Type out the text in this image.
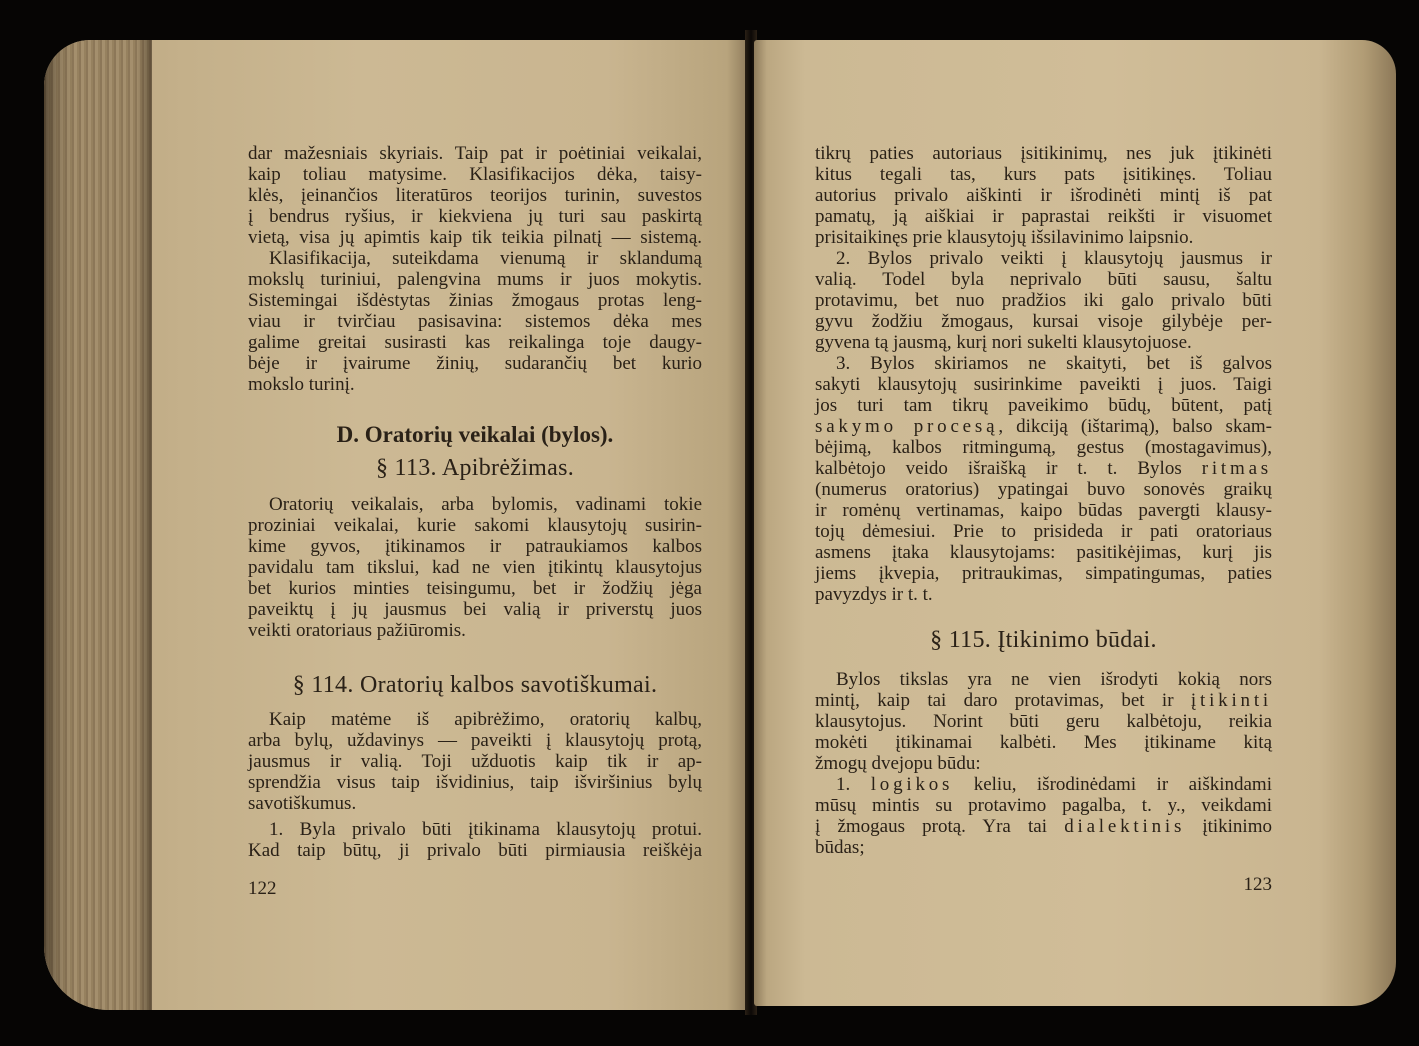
dar mažesniais skyriais. Taip pat ir poėtiniai veikalai,
kaip toliau matysime. Klasifikacijos dėka, taisy-
klės, įeinančios literatūros teorijos turinin, suvestos
į bendrus ryšius, ir kiekviena jų turi sau paskirtą
vietą, visa jų apimtis kaip tik teikia pilnatį — sistemą.
Klasifikacija, suteikdama vienumą ir sklandumą
mokslų turiniui, palengvina mums ir juos mokytis.
Sistemingai išdėstytas žinias žmogaus protas leng-
viau ir tvirčiau pasisavina: sistemos dėka mes
galime greitai susirasti kas reikalinga toje daugy-
bėje ir įvairume žinių, sudarančių bet kurio
mokslo turinį.
D. Oratorių veikalai (bylos).
§ 113. Apibrėžimas.
Oratorių veikalais, arba bylomis, vadinami tokie
proziniai veikalai, kurie sakomi klausytojų susirin-
kime gyvos, įtikinamos ir patraukiamos kalbos
pavidalu tam tikslui, kad ne vien įtikintų klausytojus
bet kurios minties teisingumu, bet ir žodžių jėga
paveiktų į jų jausmus bei valią ir priverstų juos
veikti oratoriaus pažiūromis.
§ 114. Oratorių kalbos savotiškumai.
Kaip matėme iš apibrėžimo, oratorių kalbų,
arba bylų, uždavinys — paveikti į klausytojų protą,
jausmus ir valią. Toji užduotis kaip tik ir ap-
sprendžia visus taip išvidinius, taip išviršinius bylų
savotiškumus.
1. Byla privalo būti įtikinama klausytojų protui.
Kad taip būtų, ji privalo būti pirmiausia reiškėja
122
tikrų paties autoriaus įsitikinimų, nes juk įtikinėti
kitus tegali tas, kurs pats įsitikinęs. Toliau
autorius privalo aiškinti ir išrodinėti mintį iš pat
pamatų, ją aiškiai ir paprastai reikšti ir visuomet
prisitaikinęs prie klausytojų išsilavinimo laipsnio.
2. Bylos privalo veikti į klausytojų jausmus ir
valią. Todel byla neprivalo būti sausu, šaltu
protavimu, bet nuo pradžios iki galo privalo būti
gyvu žodžiu žmogaus, kursai visoje gilybėje per-
gyvena tą jausmą, kurį nori sukelti klausytojuose.
3. Bylos skiriamos ne skaityti, bet iš galvos
sakyti klausytojų susirinkime paveikti į juos. Taigi
jos turi tam tikrų paveikimo būdų, būtent, patį
sakymo procesą, dikciją (ištarimą), balso skam-
bėjimą, kalbos ritmingumą, gestus (mostagavimus),
kalbėtojo veido išraišką ir t. t. Bylos ritmas
(numerus oratorius) ypatingai buvo sonovės graikų
ir romėnų vertinamas, kaipo būdas pavergti klausy-
tojų dėmesiui. Prie to prisideda ir pati oratoriaus
asmens įtaka klausytojams: pasitikėjimas, kurį jis
jiems įkvepia, pritraukimas, simpatingumas, paties
pavyzdys ir t. t.
§ 115. Įtikinimo būdai.
Bylos tikslas yra ne vien išrodyti kokią nors
mintį, kaip tai daro protavimas, bet ir įtikinti
klausytojus. Norint būti geru kalbėtoju, reikia
mokėti įtikinamai kalbėti. Mes įtikiname kitą
žmogų dvejopu būdu:
1. logikos keliu, išrodinėdami ir aiškindami
mūsų mintis su protavimo pagalba, t. y., veikdami
į žmogaus protą. Yra tai dialektinis įtikinimo
būdas;
123
